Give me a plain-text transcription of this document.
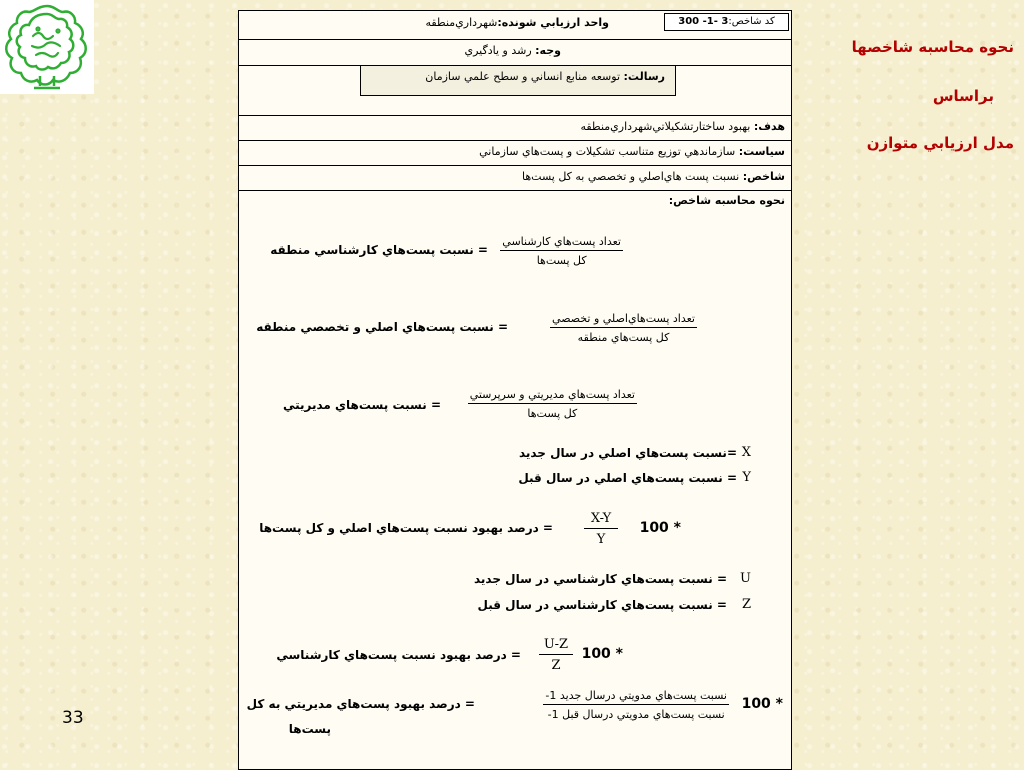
نحوه محاسبه شاخصها
براساس
مدل ارزيابي متوازن
33
واحد ارزيابي شونده:شهرداري‌منطقه	كد شاخص:3 -1- 300
وجه: رشد و يادگيري
رسالت: توسعه منابع انساني و سطح علمي سازمان
هدف: بهبود ساختار‌تشكيلاتي‌شهرداري‌منطقه
سياست: سازماندهي توزيع متناسب تشكيلات و پست‌هاي سازماني
شاخص: نسبت پست هاي‌اصلي و تخصصي به كل پست‌ها
نحوه محاسبه شاخص:
= نسبت پست‌هاي كارشناسي منطقه
تعداد پست‌هاي كارشناسي
كل پست‌ها
= نسبت پست‌هاي اصلي و تخصصي منطقه
تعداد پست‌هاي‌اصلي و تخصصي
كل پست‌هاي منطقه
= نسبت پست‌هاي مديريتي
تعداد پست‌هاي مديريتي و سرپرستي
كل پست‌ها
X
=نسبت پست‌هاي اصلي در سال جديد
Y
= نسبت پست‌هاي اصلي در سال قبل
= درصد بهبود نسبت پست‌هاي اصلي و كل پست‌ها $\frac{X-Y}{Y} 100$ *
U
= نسبت پست‌هاي كارشناسي در سال جديد
Z
= نسبت پست‌هاي كارشناسي در سال قبل
= درصد بهبود نسبت پست‌هاي كارشناسي $\frac{U-Z}{Z} 100$ *
= درصد بهبود پست‌هاي مديريتي به كل
پست‌ها
نسبت پست‌هاي مدويتي درسال جديد 1-
نسبت پست‌هاي مدويتي درسال قبل 1-
100 *
